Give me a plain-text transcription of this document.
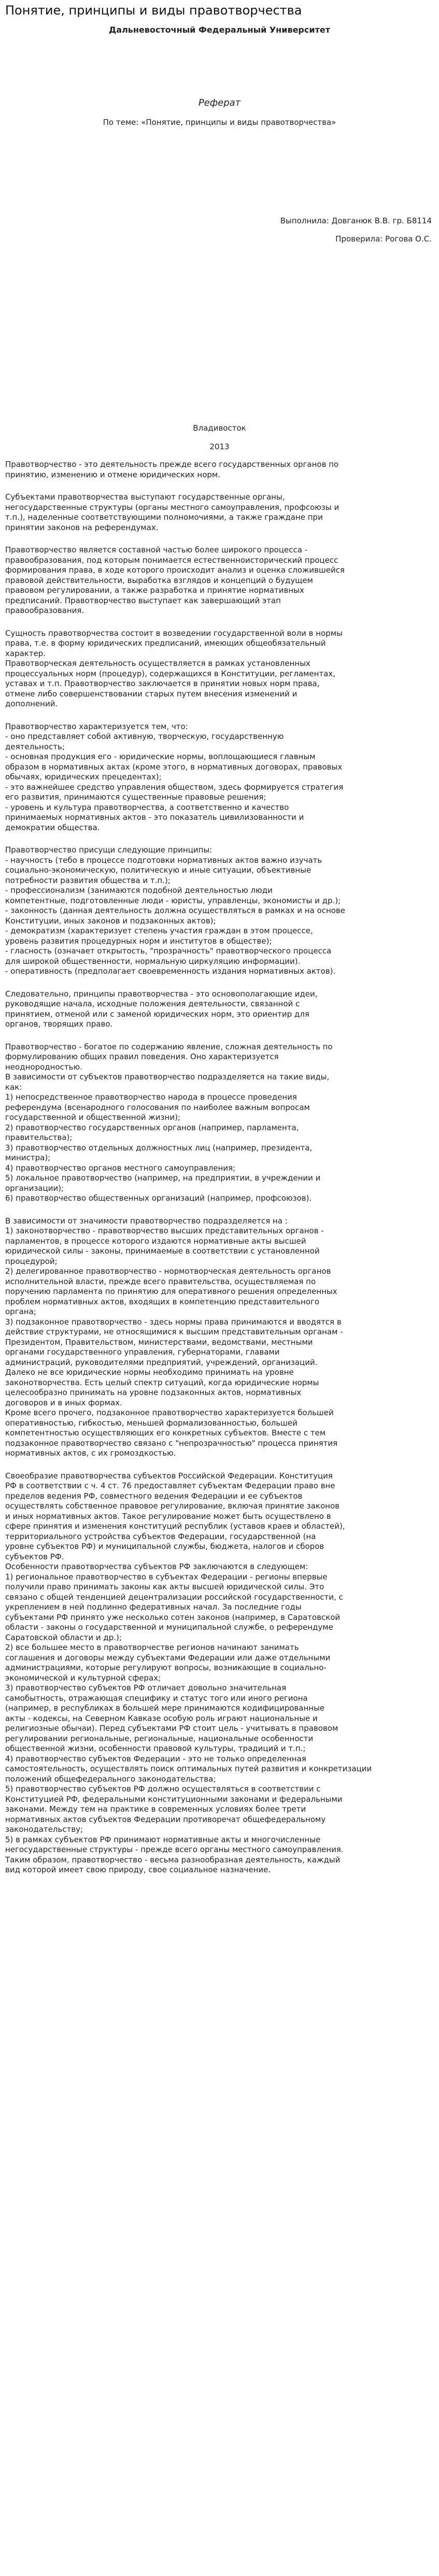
Понятие, принципы и виды правотворчества
Дальневосточный Федеральный Университет
Реферат
По теме: «Понятие, принципы и виды правотворчества»
Выполнила: Довганюк В.В. гр. Б8114
Проверила: Рогова О.С.
Владивосток
2013

Правотворчество - это деятельность прежде всего государственных органов по
принятию, изменению и отмене юридических норм.

Субъектами правотворчества выступают государственные органы,
негосударственные структуры (органы местного самоуправления, профсоюзы и
т.п.), наделенные соответствующими полномочиями, а также граждане при
принятии законов на референдумах.

Правотворчество является составной частью более широкого процесса -
правообразования, под которым понимается естественноисторический процесс
формирования права, в ходе которого происходит анализ и оценка сложившейся
правовой действительности, выработка взглядов и концепций о будущем
правовом регулировании, а также разработка и принятие нормативных
предписаний. Правотворчество выступает как завершающий этап
правообразования.

Сущность правотворчества состоит в возведении государственной воли в нормы
права, т.е. в форму юридических предписаний, имеющих общеобязательный
характер.
Правотворческая деятельность осуществляется в рамках установленных
процессуальных норм (процедур), содержащихся в Конституции, регламентах,
уставах и т.п. Правотворчество заключается в принятии новых норм права,
отмене либо совершенствовании старых путем внесения изменений и
дополнений.

Правотворчество характеризуется тем, что:
- оно представляет собой активную, творческую, государственную
деятельность;
- основная продукция его - юридические нормы, воплощающиеся главным
образом в нормативных актах (кроме этого, в нормативных договорах, правовых
обычаях, юридических прецедентах);
- это важнейшее средство управления обществом, здесь формируется стратегия
его развития, принимаются существенные правовые решения;
- уровень и культура правотворчества, а соответственно и качество
принимаемых нормативных актов - это показатель цивилизованности и
демократии общества.

Правотворчество присущи следующие принципы:
- научность (тебо в процессе подготовки нормативных актов важно изучать
социально-экономическую, политическую и иные ситуации, объективные
потребности развития общества и т.п.);
- профессионализм (занимаются подобной деятельностью люди
компетентные, подготовленные люди - юристы, управленцы, экономисты и др.);
- законность (данная деятельность должна осуществляться в рамках и на основе
Конституции, иных законов и подзаконных актов);
- демократизм (характеризует степень участия граждан в этом процессе,
уровень развития процедурных норм и институтов в обществе);
- гласность (означает открытость, "прозрачность" правотворческого процесса
для широкой общественности, нормальную циркуляцию информации).
- оперативность (предполагает своевременность издания нормативных актов).

Следовательно, принципы правотворчества - это основополагающие идеи,
руководящие начала, исходные положения деятельности, связанной с
принятием, отменой или с заменой юридических норм, это ориентир для
органов, творящих право.

Правотворчество - богатое по содержанию явление, сложная деятельность по
формулированию общих правил поведения. Оно характеризуется
неоднородностью.
В зависимости от субъектов правотворчество подразделяется на такие виды,
как:
1) непосредственное правотворчество народа в процессе проведения
референдума (всенародного голосования по наиболее важным вопросам
государственной и общественной жизни);
2) правотворчество государственных органов (например, парламента,
правительства);
3) правотворчество отдельных должностных лиц (например, президента,
министра);
4) правотворчество органов местного самоуправления;
5) локальное правотворчество (например, на предприятии, в учреждении и
организации);
6) правотворчество общественных организаций (например, профсоюзов).

В зависимости от значимости правотворчество подразделяется на :
1) законотворчество - правотворчество высших представительных органов -
парламентов, в процессе которого издаются нормативные акты высшей
юридической силы - законы, принимаемые в соответствии с установленной
процедурой;
2) делегированное правотворчество - нормотворческая деятельность органов
исполнительной власти, прежде всего правительства, осуществляемая по
поручению парламента по принятию для оперативного решения определенных
проблем нормативных актов, входящих в компетенцию представительного
органа;
3) подзаконное правотворчество - здесь нормы права принимаются и вводятся в
действие структурами, не относящимися к высшим представительным органам -
Президентом, Правительством, министерствами, ведомствами, местными
органами государственного управления, губернаторами, главами
администраций, руководителями предприятий, учреждений, организаций.
Далеко не все юридические нормы необходимо принимать на уровне
законотворчества. Есть целый спектр ситуаций, когда юридические нормы
целесообразно принимать на уровне подзаконных актов, нормативных
договоров и в иных формах.
Кроме всего прочего, подзаконное правотворчество характеризуется большей
оперативностью, гибкостью, меньшей формализованностью, большей
компетентностью осуществляющих его конкретных субъектов. Вместе с тем
подзаконное правотворчество связано с "непрозрачностью" процесса принятия
нормативных актов, с их громоздкостью.

Своеобразие правотворчества субъектов Российской Федерации. Конституция
РФ в соответствии с ч. 4 ст. 76 предоставляет субъектам Федерации право вне
пределов ведения РФ, совместного ведения Федерации и ее субъектов
осуществлять собственное правовое регулирование, включая принятие законов
и иных нормативных актов. Такое регулирование может быть осуществлено в
сфере принятия и изменения конституций республик (уставов краев и областей),
территориального устройства субъектов Федерации, государственной (на
уровне субъектов РФ) и муниципальной службы, бюджета, налогов и сборов
субъектов РФ.
Особенности правотворчества субъектов РФ заключаются в следующем:
1) региональное правотворчество в субъектах Федерации - регионы впервые
получили право принимать законы как акты высшей юридической силы. Это
связано с общей тенденцией децентрализации российской государственности, с
укреплением в ней подлинно федеративных начал. За последние годы
субъектами РФ принято уже несколько сотен законов (например, в Саратовской
области - законы о государственной и муниципальной службе, о референдуме
Саратовской области и др.);
2) все большее место в правотворчестве регионов начинают занимать
соглашения и договоры между субъектами Федерации или даже отдельными
администрациями, которые регулируют вопросы, возникающие в социально-
экономической и культурной сферах;
3) правотворчество субъектов РФ отличает довольно значительная
самобытность, отражающая специфику и статус того или иного региона
(например, в республиках в большей мере принимаются кодифицированные
акты - кодексы, на Северном Кавказе особую роль играют национальные и
религиозные обычаи). Перед субъектами РФ стоит цель - учитывать в правовом
регулировании региональные, региональные, национальные особенности
общественной жизни, особенности правовой культуры, традиций и т.п.;
4) правотворчество субъектов Федерации - это не только определенная
самостоятельность, осуществлять поиск оптимальных путей развития и конкретизации
положений общефедерального законодательства;
5) правотворчество субъектов РФ должно осуществляться в соответствии с
Конституцией РФ, федеральными конституционными законами и федеральными
законами. Между тем на практике в современных условиях более трети
нормативных актов субъектов Федерации противоречат общефедеральному
законодательству;
5) в рамках субъектов РФ принимают нормативные акты и многочисленные
негосударственные структуры - прежде всего органы местного самоуправления.
Таким образом, правотворчество - весьма разнообразная деятельность, каждый
вид которой имеет свою природу, свое социальное назначение.
